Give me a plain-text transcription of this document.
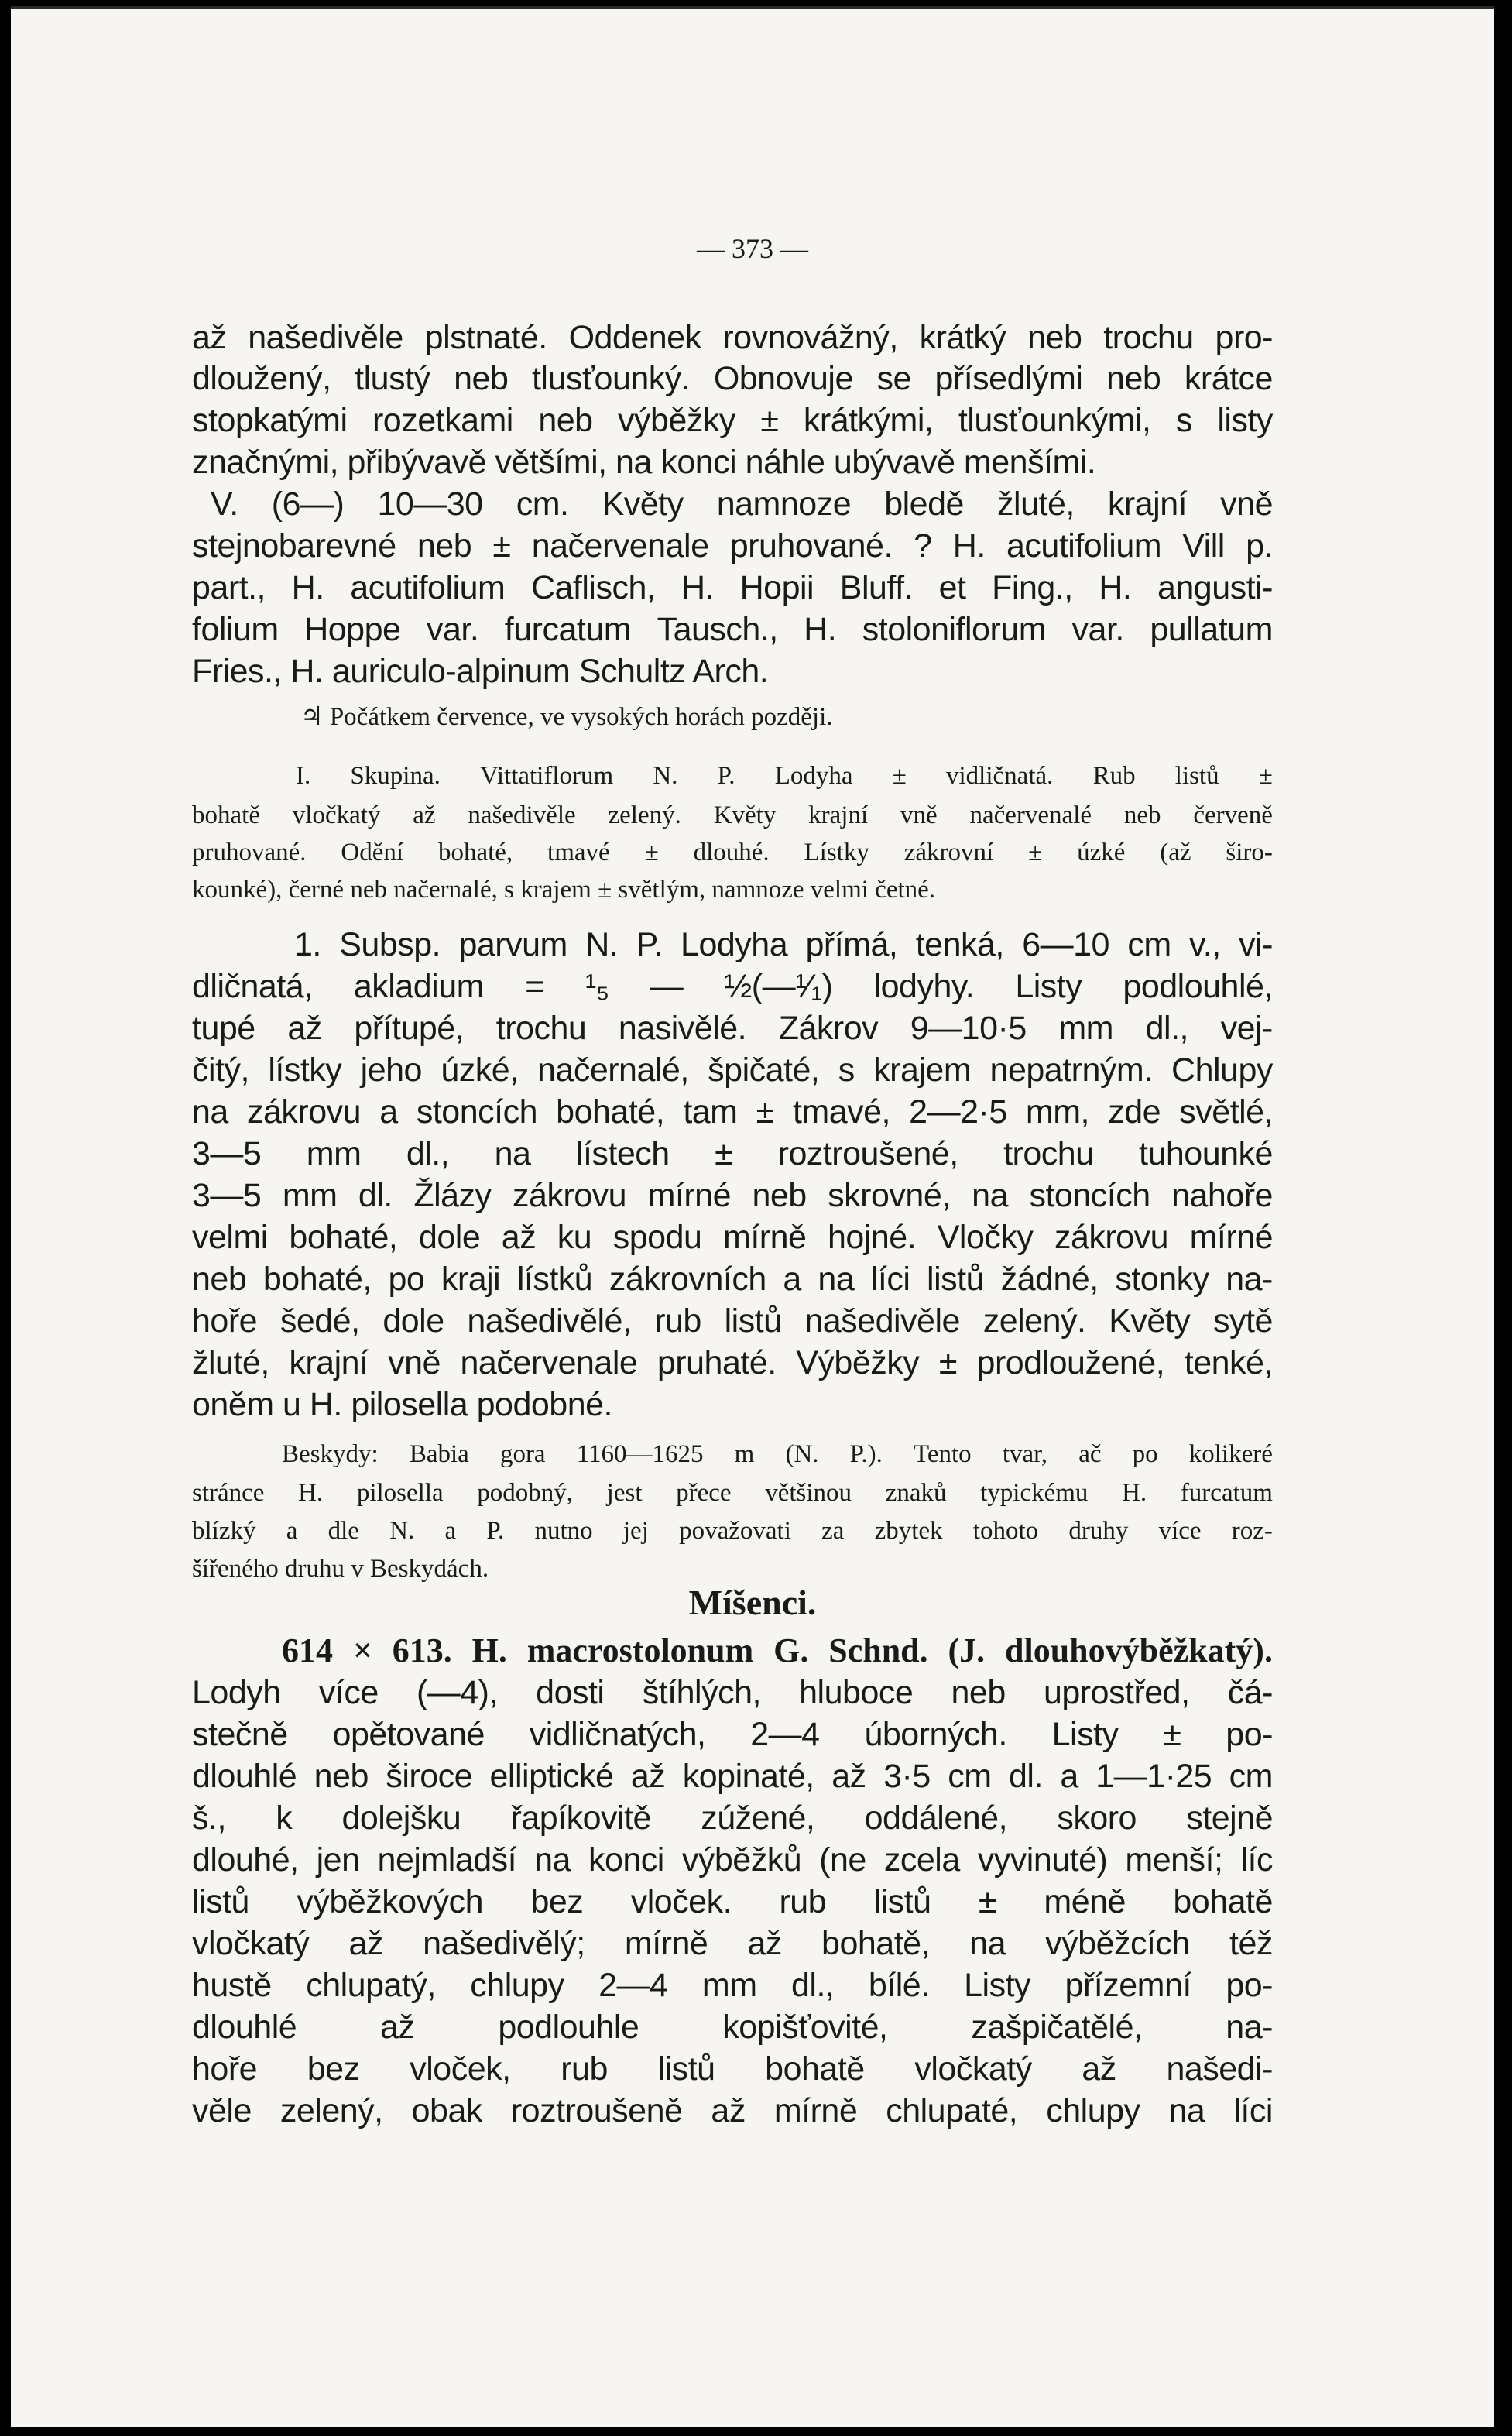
— 373 —
Míšenci.
až našedivěle plstnaté. Oddenek rovnovážný, krátký neb trochu pro-
dloužený, tlustý neb tlusťounký. Obnovuje se přísedlými neb krátce
stopkatými rozetkami neb výběžky ± krátkými, tlusťounkými, s listy
značnými, přibývavě většími, na konci náhle ubývavě menšími.
V. (6—) 10—30 cm. Květy namnoze bledě žluté, krajní vně
stejnobarevné neb ± načervenale pruhované. ? H. acutifolium Vill p.
part., H. acutifolium Caflisch, H. Hopii Bluff. et Fing., H. angusti-
folium Hoppe var. furcatum Tausch., H. stoloniflorum var. pullatum
Fries., H. auriculo-alpinum Schultz Arch.
♃ Počátkem července, ve vysokých horách později.
I. Skupina. Vittatiflorum N. P. Lodyha ± vidličnatá. Rub listů ±
bohatě vločkatý až našedivěle zelený. Květy krajní vně načervenalé neb červeně
pruhované. Odění bohaté, tmavé ± dlouhé. Lístky zákrovní ± úzké (až širo-
kounké), černé neb načernalé, s krajem ± světlým, namnoze velmi četné.
1. Subsp. parvum N. P. Lodyha přímá, tenká, 6—10 cm v., vi-
dličnatá, akladium = ¹₅ — ½(—¹⁄₁) lodyhy. Listy podlouhlé,
tupé až přítupé, trochu nasivělé. Zákrov 9—10·5 mm dl., vej-
čitý, lístky jeho úzké, načernalé, špičaté, s krajem nepatrným. Chlupy
na zákrovu a stoncích bohaté, tam ± tmavé, 2—2·5 mm, zde světlé,
3—5 mm dl., na lístech ± roztroušené, trochu tuhounké
3—5 mm dl. Žlázy zákrovu mírné neb skrovné, na stoncích nahoře
velmi bohaté, dole až ku spodu mírně hojné. Vločky zákrovu mírné
neb bohaté, po kraji lístků zákrovních a na líci listů žádné, stonky na-
hoře šedé, dole našedivělé, rub listů našedivěle zelený. Květy sytě
žluté, krajní vně načervenale pruhaté. Výběžky ± prodloužené, tenké,
oněm u H. pilosella podobné.
Beskydy: Babia gora 1160—1625 m (N. P.). Tento tvar, ač po kolikeré
stránce H. pilosella podobný, jest přece většinou znaků typickému H. furcatum
blízký a dle N. a P. nutno jej považovati za zbytek tohoto druhy více roz-
šířeného druhu v Beskydách.
614 × 613. H. macrostolonum G. Schnd. (J. dlouhovýběžkatý).
Lodyh více (—4), dosti štíhlých, hluboce neb uprostřed, čá-
stečně opětované vidličnatých, 2—4 úborných. Listy ± po-
dlouhlé neb široce elliptické až kopinaté, až 3·5 cm dl. a 1—1·25 cm
š., k dolejšku řapíkovitě zúžené, oddálené, skoro stejně
dlouhé, jen nejmladší na konci výběžků (ne zcela vyvinuté) menší; líc
listů výběžkových bez vloček. rub listů ± méně bohatě
vločkatý až našedivělý; mírně až bohatě, na výběžcích též
hustě chlupatý, chlupy 2—4 mm dl., bílé. Listy přízemní po-
dlouhlé	až	podlouhle	kopišťovité,	zašpičatělé,	na-
hoře bez vloček, rub listů bohatě vločkatý až našedi-
věle zelený, obak roztroušeně až mírně chlupaté, chlupy na líci
